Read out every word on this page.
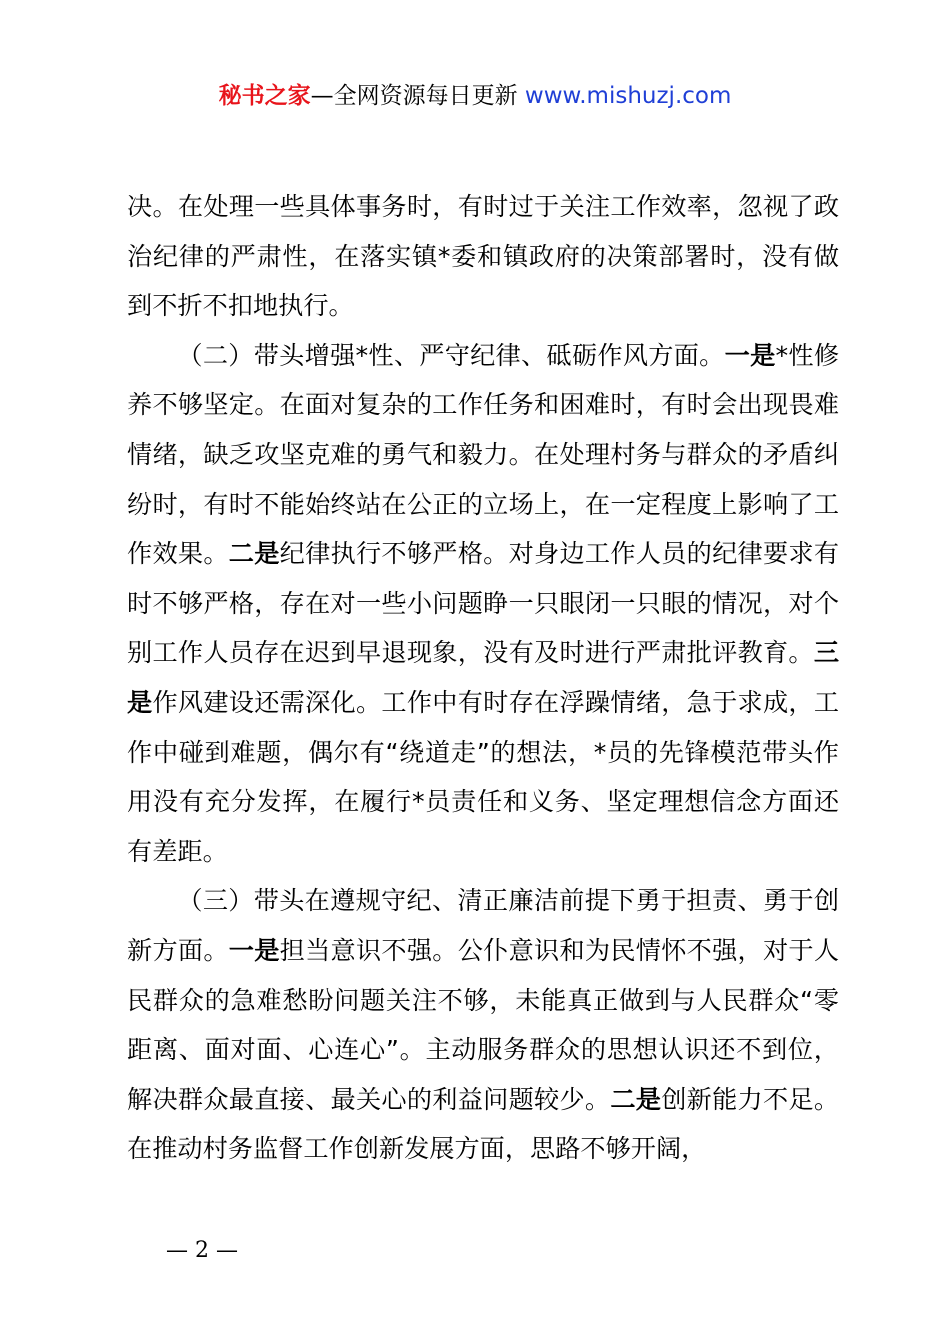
秘书之家—全网资源每日更新 www.mishuzj.com

决。在处理一些具体事务时，有时过于关注工作效率，忽视了政治纪律的严肃性，在落实镇*委和镇政府的决策部署时，没有做到不折不扣地执行。

（二）带头增强*性、严守纪律、砥砺作风方面。一是*性修养不够坚定。在面对复杂的工作任务和困难时，有时会出现畏难情绪，缺乏攻坚克难的勇气和毅力。在处理村务与群众的矛盾纠纷时，有时不能始终站在公正的立场上，在一定程度上影响了工作效果。二是纪律执行不够严格。对身边工作人员的纪律要求有时不够严格，存在对一些小问题睁一只眼闭一只眼的情况，对个别工作人员存在迟到早退现象，没有及时进行严肃批评教育。三是作风建设还需深化。工作中有时存在浮躁情绪，急于求成，工作中碰到难题，偶尔有“绕道走”的想法，*员的先锋模范带头作用没有充分发挥，在履行*员责任和义务、坚定理想信念方面还有差距。

（三）带头在遵规守纪、清正廉洁前提下勇于担责、勇于创新方面。一是担当意识不强。公仆意识和为民情怀不强，对于人民群众的急难愁盼问题关注不够，未能真正做到与人民群众“零距离、面对面、心连心”。主动服务群众的思想认识还不到位，解决群众最直接、最关心的利益问题较少。二是创新能力不足。在推动村务监督工作创新发展方面，思路不够开阔，

— 2 —
